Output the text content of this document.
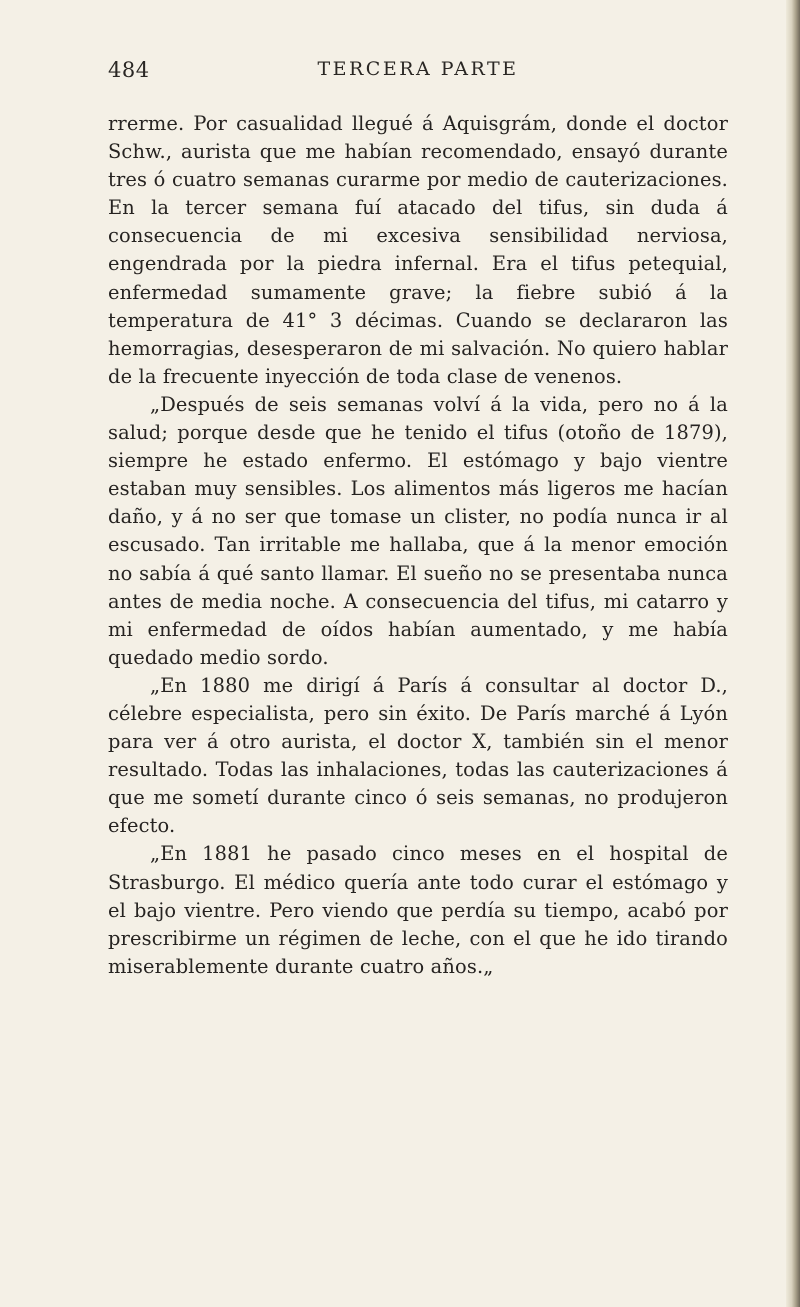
484	TERCERA PARTE

rrerme. Por casualidad llegué á Aquisgrám, donde el doctor Schw., aurista que me habían recomendado, ensayó durante tres ó cuatro semanas curarme por medio de cauterizaciones. En la tercer semana fuí atacado del tifus, sin duda á consecuencia de mi excesiva sensibilidad nerviosa, engendrada por la piedra infernal. Era el tifus petequial, enfermedad sumamente grave; la fiebre subió á la temperatura de 41° 3 décimas. Cuando se declararon las hemorragias, desesperaron de mi salvación. No quiero hablar de la frecuente inyección de toda clase de venenos.

„Después de seis semanas volví á la vida, pero no á la salud; porque desde que he tenido el tifus (otoño de 1879), siempre he estado enfermo. El estómago y bajo vientre estaban muy sensibles. Los alimentos más ligeros me hacían daño, y á no ser que tomase un clister, no podía nunca ir al escusado. Tan irritable me hallaba, que á la menor emoción no sabía á qué santo llamar. El sueño no se presentaba nunca antes de media noche. A consecuencia del tifus, mi catarro y mi enfermedad de oídos habían aumentado, y me había quedado medio sordo.

„En 1880 me dirigí á París á consultar al doctor D., célebre especialista, pero sin éxito. De París marché á Lyón para ver á otro aurista, el doctor X, también sin el menor resultado. Todas las inhalaciones, todas las cauterizaciones á que me sometí durante cinco ó seis semanas, no produjeron efecto.

„En 1881 he pasado cinco meses en el hospital de Strasburgo. El médico quería ante todo curar el estómago y el bajo vientre. Pero viendo que perdía su tiempo, acabó por prescribirme un régimen de leche, con el que he ido tirando miserablemente durante cuatro años.„
